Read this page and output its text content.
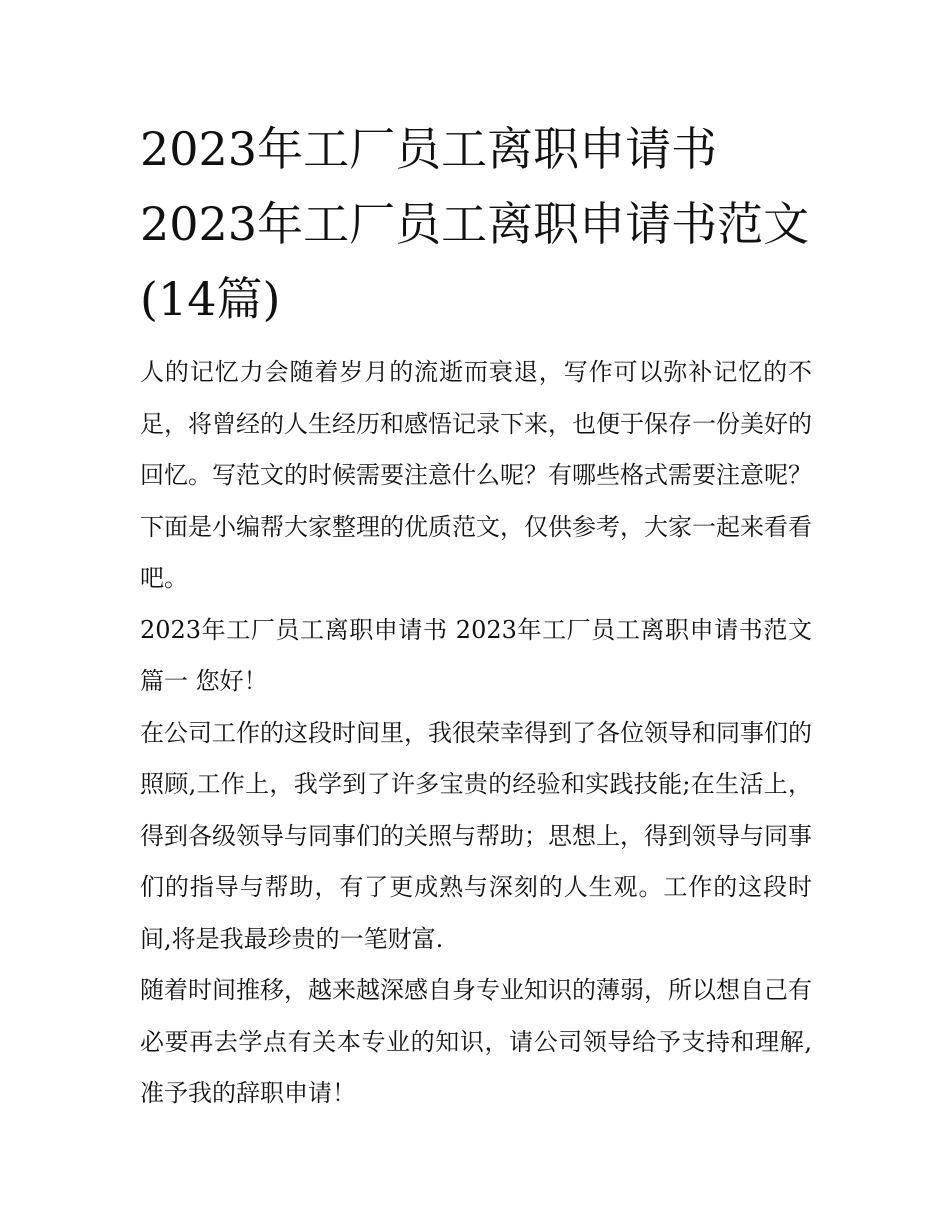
2023年工厂员工离职申请书 2023年工厂员工离职申请书范文(14篇)

人的记忆力会随着岁月的流逝而衰退，写作可以弥补记忆的不足，将曾经的人生经历和感悟记录下来，也便于保存一份美好的回忆。写范文的时候需要注意什么呢？有哪些格式需要注意呢？下面是小编帮大家整理的优质范文，仅供参考，大家一起来看看吧。

2023年工厂员工离职申请书 2023年工厂员工离职申请书范文篇一 您好！

在公司工作的这段时间里，我很荣幸得到了各位领导和同事们的照顾,工作上，我学到了许多宝贵的经验和实践技能;在生活上，得到各级领导与同事们的关照与帮助；思想上，得到领导与同事们的指导与帮助，有了更成熟与深刻的人生观。工作的这段时间,将是我最珍贵的一笔财富.

随着时间推移，越来越深感自身专业知识的薄弱，所以想自己有必要再去学点有关本专业的知识，请公司领导给予支持和理解,准予我的辞职申请！
